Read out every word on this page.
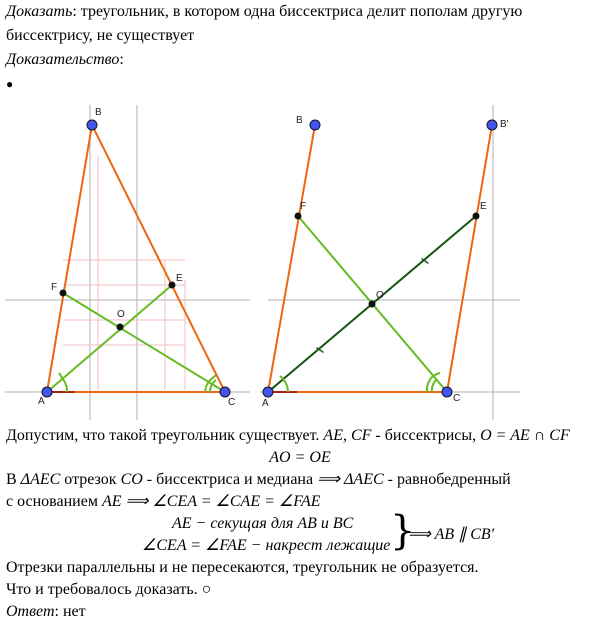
Доказать: треугольник, в котором одна биссектриса делит пополам другую
биссектрису, не существует
Доказательство:
●
A
B
C
E
F
O
A
B	B'
C
E
F
O
Допустим, что такой треугольник существует. AE, CF - биссектрисы, O = AE ∩ CF
AO = OE
В ΔAEC отрезок CO - биссектриса и медиана ⟹ ΔAEC - равнобедренный
с основанием AE ⟹ ∠CEA = ∠CAE = ∠FAE
AE − секущая для AB и BC
∠CEA = ∠FAE − накрест лежащие }
⟹ AB ∥ CB′
Отрезки параллельны и не пересекаются, треугольник не образуется.
Что и требовалось доказать. ○
Ответ: нет
